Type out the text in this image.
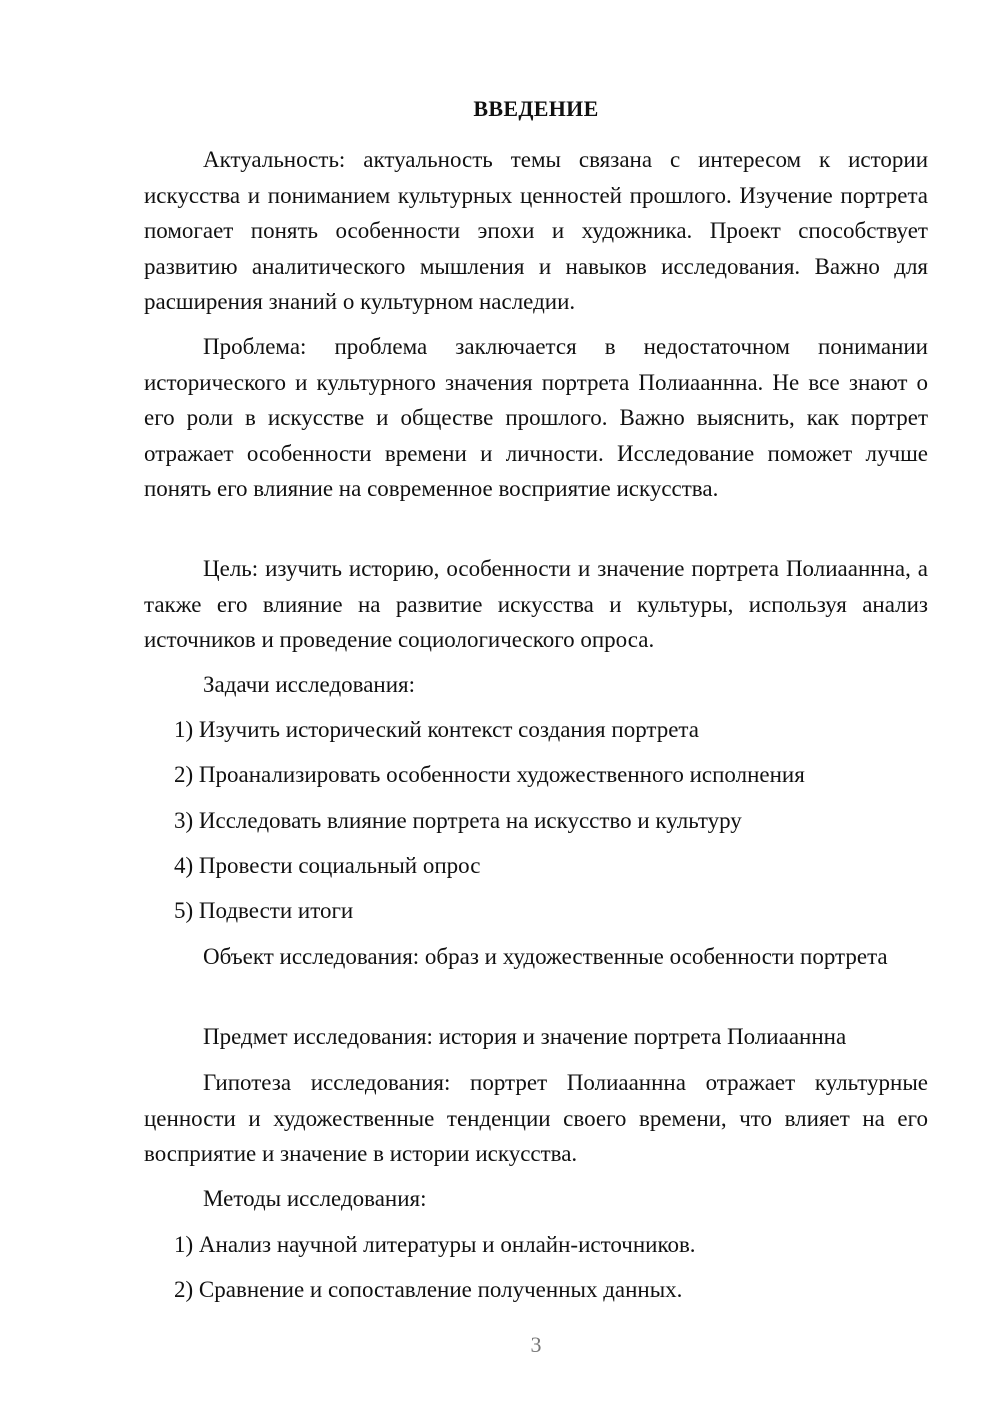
ВВЕДЕНИЕ
Актуальность: актуальность темы связана с интересом к истории искусства и пониманием культурных ценностей прошлого. Изучение портрета помогает понять особенности эпохи и художника. Проект способствует развитию аналитического мышления и навыков исследования. Важно для расширения знаний о культурном наследии.
Проблема: проблема заключается в недостаточном понимании исторического и культурного значения портрета Полиааннна. Не все знают о его роли в искусстве и обществе прошлого. Важно выяснить, как портрет отражает особенности времени и личности. Исследование поможет лучше понять его влияние на современное восприятие искусства.
Цель: изучить историю, особенности и значение портрета Полиааннна, а также его влияние на развитие искусства и культуры, используя анализ источников и проведение социологического опроса.
Задачи исследования:
1) Изучить исторический контекст создания портрета
2) Проанализировать особенности художественного исполнения
3) Исследовать влияние портрета на искусство и культуру
4) Провести социальный опрос
5) Подвести итоги
Объект исследования: образ и художественные особенности портрета
Предмет исследования: история и значение портрета Полиааннна
Гипотеза исследования: портрет Полиааннна отражает культурные ценности и художественные тенденции своего времени, что влияет на его восприятие и значение в истории искусства.
Методы исследования:
1) Анализ научной литературы и онлайн-источников.
2) Сравнение и сопоставление полученных данных.
3
